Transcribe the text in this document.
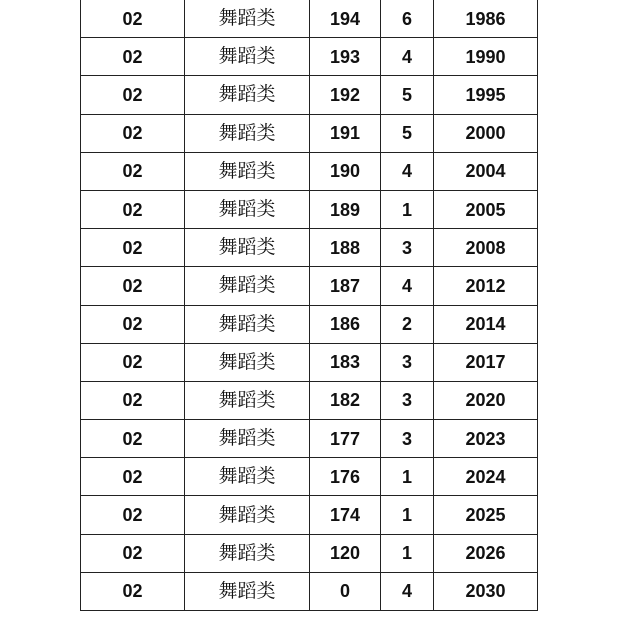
02	舞蹈类	194	6	1986
02	舞蹈类	193	4	1990
02	舞蹈类	192	5	1995
02	舞蹈类	191	5	2000
02	舞蹈类	190	4	2004
02	舞蹈类	189	1	2005
02	舞蹈类	188	3	2008
02	舞蹈类	187	4	2012
02	舞蹈类	186	2	2014
02	舞蹈类	183	3	2017
02	舞蹈类	182	3	2020
02	舞蹈类	177	3	2023
02	舞蹈类	176	1	2024
02	舞蹈类	174	1	2025
02	舞蹈类	120	1	2026
02	舞蹈类	0	4	2030
